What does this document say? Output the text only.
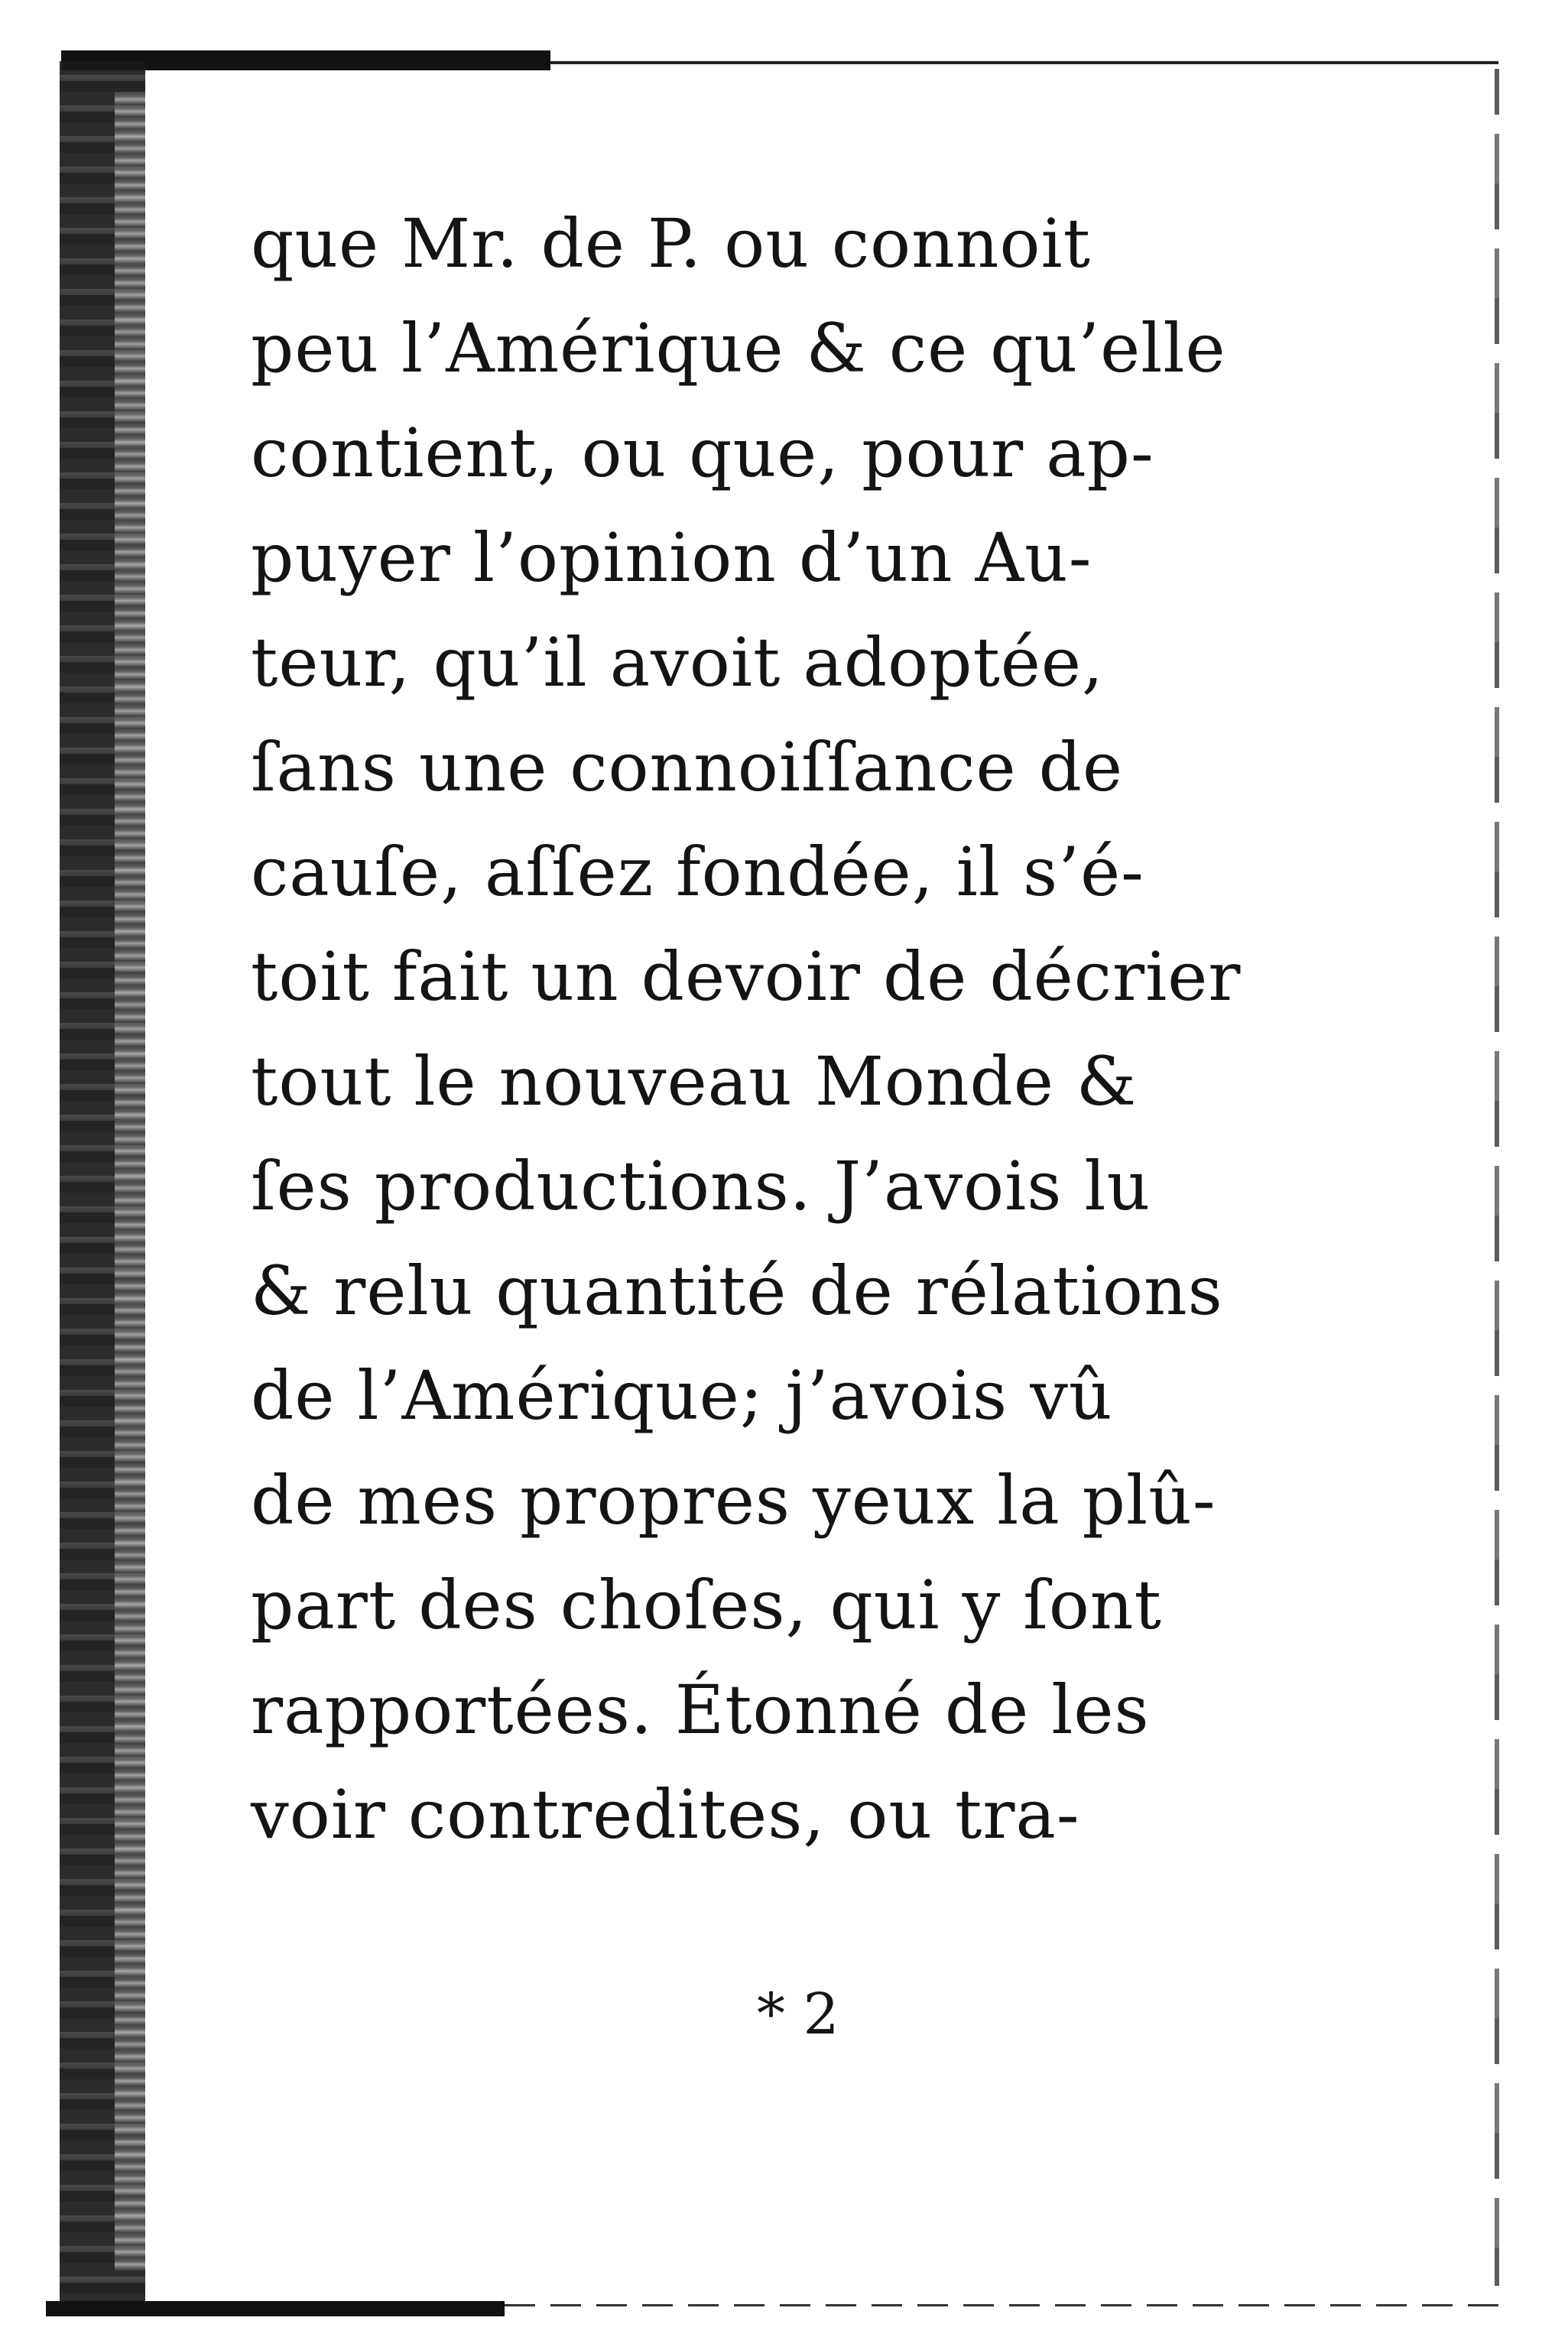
que Mr. de P. ou connoit
peu l’Amérique & ce qu’elle
contient, ou que, pour ap-
puyer l’opinion d’un Au-
teur, qu’il avoit adoptée,
ſans une connoiſſance de
cauſe, aſſez fondée, il s’é-
toit fait un devoir de décrier
tout le nouveau Monde &
ſes productions. J’avois lu
& relu quantité de rélations
de l’Amérique; j’avois vû
de mes propres yeux la plû-
part des choſes, qui y ſont
rapportées. Étonné de les
voir contredites, ou tra-
* 2
